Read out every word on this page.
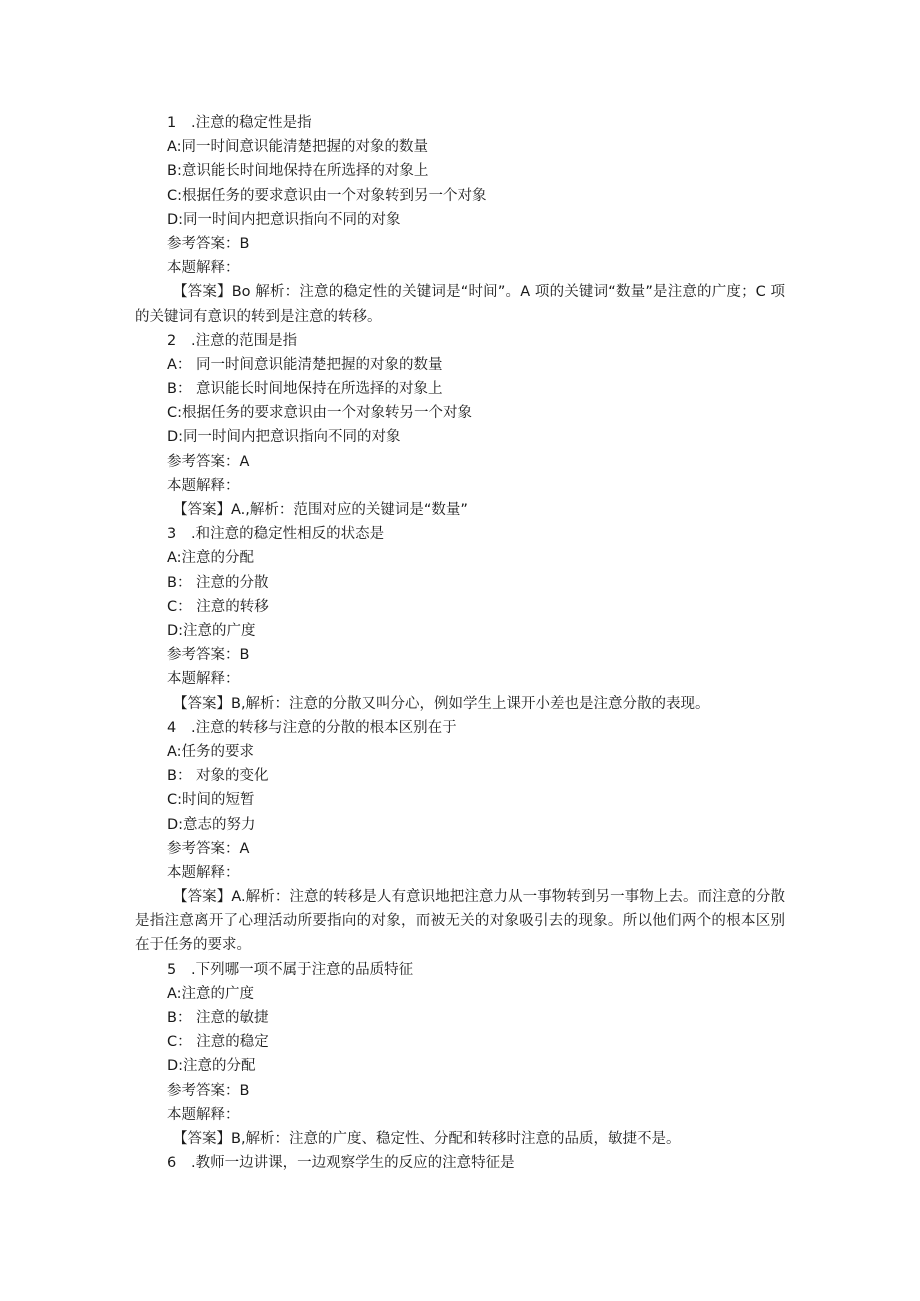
1 .注意的稳定性是指
A:同一时间意识能清楚把握的对象的数量
B:意识能长时间地保持在所选择的对象上
C:根据任务的要求意识由一个对象转到另一个对象
D:同一时间内把意识指向不同的对象
参考答案：B
本题解释：
【答案】Bo 解析：注意的稳定性的关键词是“时间”。A 项的关键词“数量”是注意的广度；C 项的关键词有意识的转到是注意的转移。
2 .注意的范围是指
A： 同一时间意识能清楚把握的对象的数量
B： 意识能长时间地保持在所选择的对象上
C:根据任务的要求意识由一个对象转另一个对象
D:同一时间内把意识指向不同的对象
参考答案：A
本题解释：
【答案】A.,解析：范围对应的关键词是“数量”
3 .和注意的稳定性相反的状态是
A:注意的分配
B： 注意的分散
C： 注意的转移
D:注意的广度
参考答案：B
本题解释：
【答案】B,解析：注意的分散又叫分心，例如学生上课开小差也是注意分散的表现。
4 .注意的转移与注意的分散的根本区别在于
A:任务的要求
B： 对象的变化
C:时间的短暂
D:意志的努力
参考答案：A
本题解释：
【答案】A.解析：注意的转移是人有意识地把注意力从一事物转到另一事物上去。而注意的分散是指注意离开了心理活动所要指向的对象，而被无关的对象吸引去的现象。所以他们两个的根本区别在于任务的要求。
5 .下列哪一项不属于注意的品质特征
A:注意的广度
B： 注意的敏捷
C： 注意的稳定
D:注意的分配
参考答案：B
本题解释：
【答案】B,解析：注意的广度、稳定性、分配和转移时注意的品质，敏捷不是。
6 .教师一边讲课，一边观察学生的反应的注意特征是
